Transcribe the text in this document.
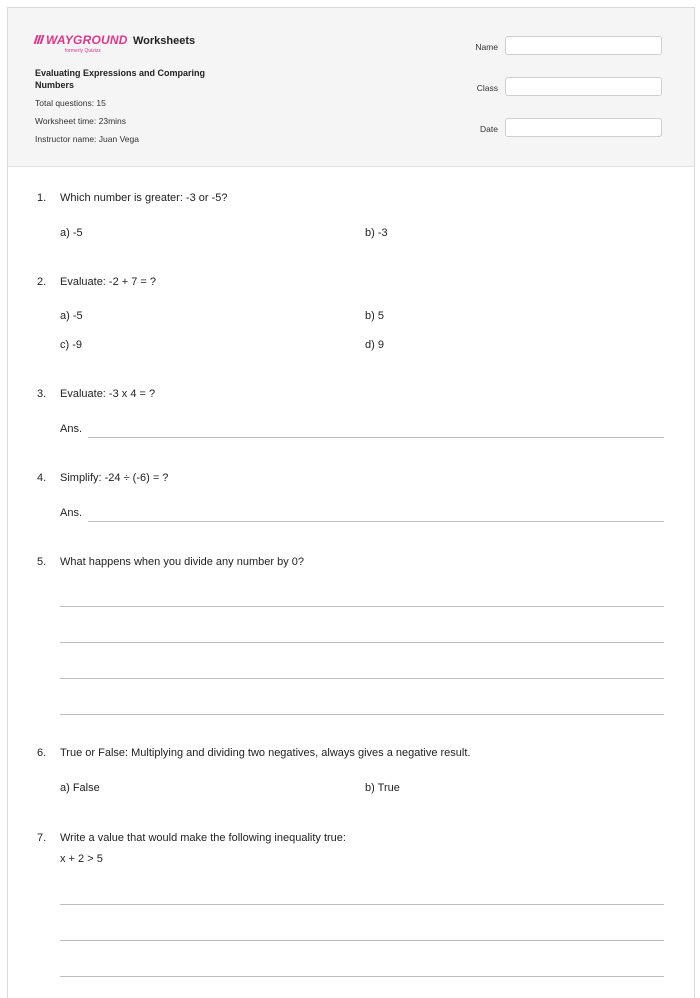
WAYGROUND
formerly Quizizz
Worksheets
Evaluating Expressions and Comparing Numbers
Total questions: 15
Worksheet time: 23mins
Instructor name: Juan Vega
Name
Class
Date
1. Which number is greater: -3 or -5?
a) -5	b) -3
2. Evaluate: -2 + 7 = ?
a) -5	b) 5
c) -9	d) 9
3. Evaluate: -3 x 4 = ?
Ans.
4. Simplify: -24 ÷ (-6) = ?
Ans.
5. What happens when you divide any number by 0?
6. True or False: Multiplying and dividing two negatives, always gives a negative result.
a) False	b) True
7. Write a value that would make the following inequality true:
x + 2 > 5
